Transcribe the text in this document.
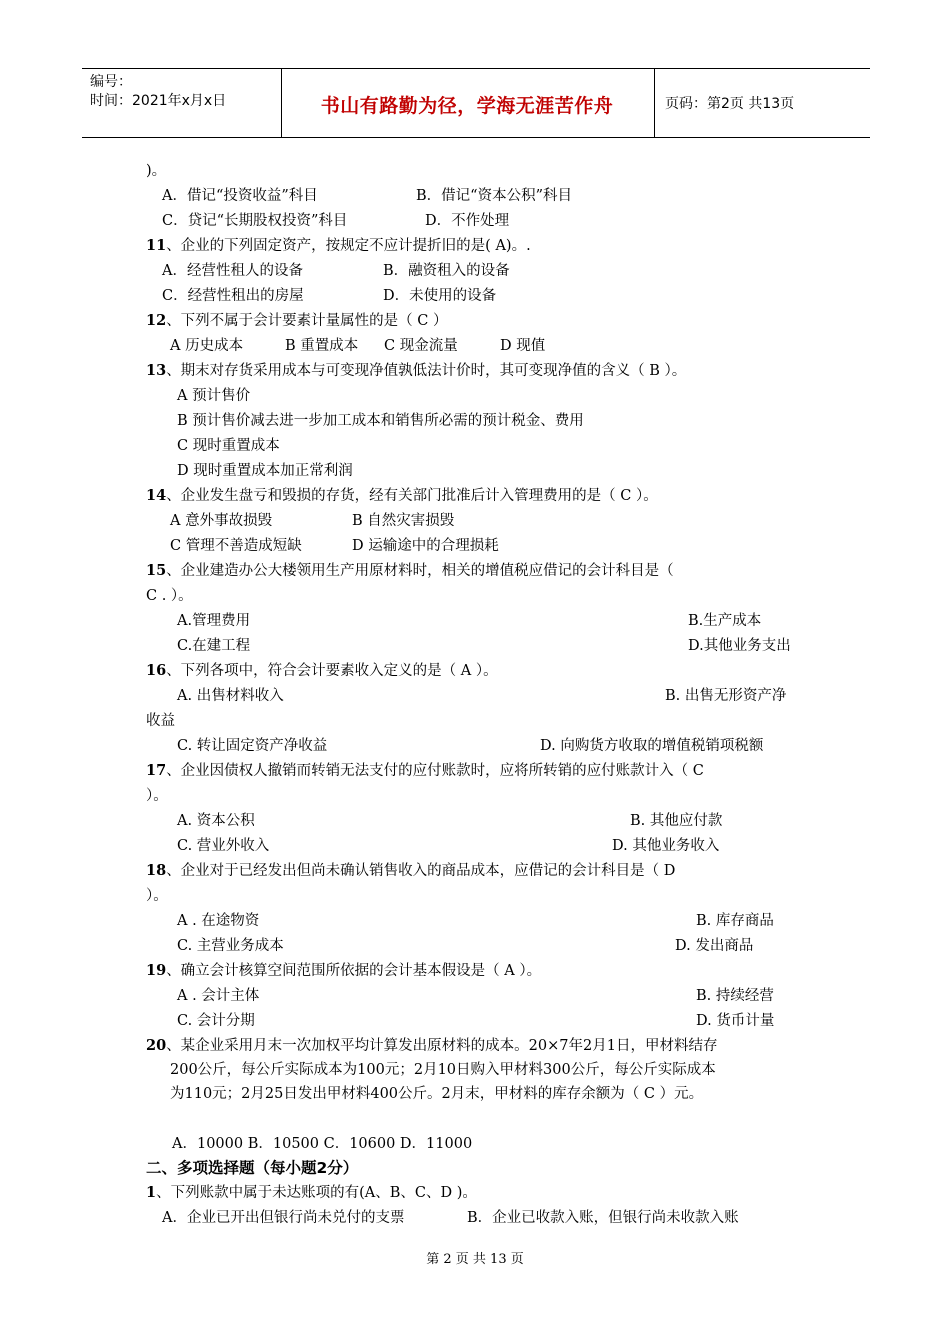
编号：
时间：2021年x月x日	书山有路勤为径，学海无涯苦作舟	页码：第2页 共13页
)。
A．借记“投资收益”科目	B．借记“资本公积”科目
C．贷记“长期股权投资”科目	D．不作处理
11、企业的下列固定资产，按规定不应计提折旧的是( A)。.
A．经营性租人的设备	B．融资租入的设备
C．经营性租出的房屋	D．未使用的设备
12、下列不属于会计要素计量属性的是（ C ）
A 历史成本	B 重置成本 C 现金流量	D 现值
13、期末对存货采用成本与可变现净值孰低法计价时，其可变现净值的含义（ B ）。
A 预计售价
B 预计售价减去进一步加工成本和销售所必需的预计税金、费用
C 现时重置成本
D 现时重置成本加正常利润
14、企业发生盘亏和毁损的存货，经有关部门批准后计入管理费用的是（ C ）。
A 意外事故损毁	B 自然灾害损毁
C 管理不善造成短缺	D 运输途中的合理损耗
15、企业建造办公大楼领用生产用原材料时，相关的增值税应借记的会计科目是（
C . ）。
A.管理费用	B.生产成本
C.在建工程	D.其他业务支出
16、下列各项中，符合会计要素收入定义的是（ A ）。
A. 出售材料收入	B. 出售无形资产净
收益
C. 转让固定资产净收益	D. 向购货方收取的增值税销项税额
17、企业因债权人撤销而转销无法支付的应付账款时，应将所转销的应付账款计入（ C
）。
A. 资本公积	B. 其他应付款
C. 营业外收入	D. 其他业务收入
18、企业对于已经发出但尚未确认销售收入的商品成本，应借记的会计科目是（ D
）。
A . 在途物资	B. 库存商品
C. 主营业务成本	D. 发出商品
19、确立会计核算空间范围所依据的会计基本假设是（ A ）。
A . 会计主体	B. 持续经营
C. 会计分期	D. 货币计量
20、某企业采用月末一次加权平均计算发出原材料的成本。20×7年2月1日，甲材料结存
200公斤，每公斤实际成本为100元；2月10日购入甲材料300公斤，每公斤实际成本
为110元；2月25日发出甲材料400公斤。2月末，甲材料的库存余额为（ C ）元。
A．10000 B．10500 C．10600 D．11000
二、多项选择题（每小题2分）
1、下列账款中属于未达账项的有(A、B、C、D )。
A．企业已开出但银行尚未兑付的支票	B．企业已收款入账，但银行尚未收款入账
第 2 页 共 13 页
